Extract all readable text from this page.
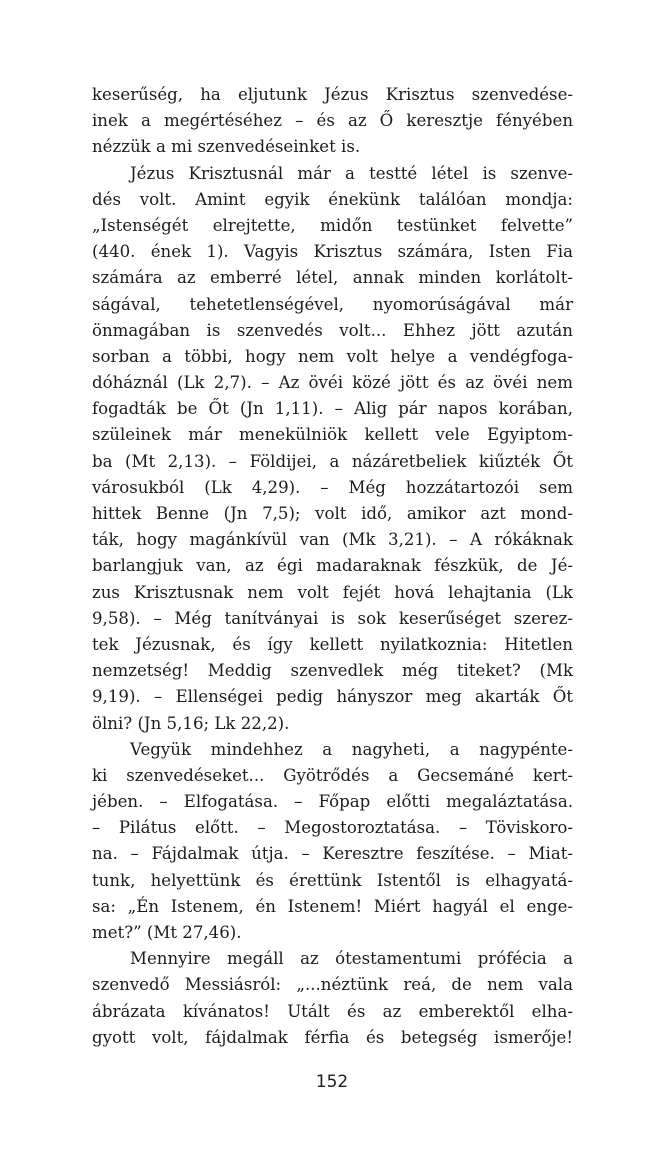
keserűség, ha eljutunk Jézus Krisztus szenvedése-
inek a megértéséhez – és az Ő keresztje fényében
nézzük a mi szenvedéseinket is.
Jézus Krisztusnál már a testté létel is szenve-
dés volt. Amint egyik énekünk találóan mondja:
„Istenségét elrejtette, midőn testünket felvette”
(440. ének 1). Vagyis Krisztus számára, Isten Fia
számára az emberré létel, annak minden korlátolt-
ságával, tehetetlenségével, nyomorúságával már
önmagában is szenvedés volt... Ehhez jött azután
sorban a többi, hogy nem volt helye a vendégfoga-
dóháznál (Lk 2,7). – Az övéi közé jött és az övéi nem
fogadták be Őt (Jn 1,11). – Alig pár napos korában,
szüleinek már menekülniök kellett vele Egyiptom-
ba (Mt 2,13). – Földijei, a názáretbeliek kiűzték Őt
városukból (Lk 4,29). – Még hozzátartozói sem
hittek Benne (Jn 7,5); volt idő, amikor azt mond-
ták, hogy magánkívül van (Mk 3,21). – A rókáknak
barlangjuk van, az égi madaraknak fészkük, de Jé-
zus Krisztusnak nem volt fejét hová lehajtania (Lk
9,58). – Még tanítványai is sok keserűséget szerez-
tek Jézusnak, és így kellett nyilatkoznia: Hitetlen
nemzetség! Meddig szenvedlek még titeket? (Mk
9,19). – Ellenségei pedig hányszor meg akarták Őt
ölni? (Jn 5,16; Lk 22,2).
Vegyük mindehhez a nagyheti, a nagypénte-
ki szenvedéseket... Gyötrődés a Gecsemáné kert-
jében. – Elfogatása. – Főpap előtti megaláztatása.
– Pilátus előtt. – Megostoroztatása. – Töviskoro-
na. – Fájdalmak útja. – Keresztre feszítése. – Miat-
tunk, helyettünk és érettünk Istentől is elhagyatá-
sa: „Én Istenem, én Istenem! Miért hagyál el enge-
met?” (Mt 27,46).
Mennyire megáll az ótestamentumi prófécia a
szenvedő Messiásról: „...néztünk reá, de nem vala
ábrázata kívánatos! Utált és az emberektől elha-
gyott volt, fájdalmak férfia és betegség ismerője!
152
